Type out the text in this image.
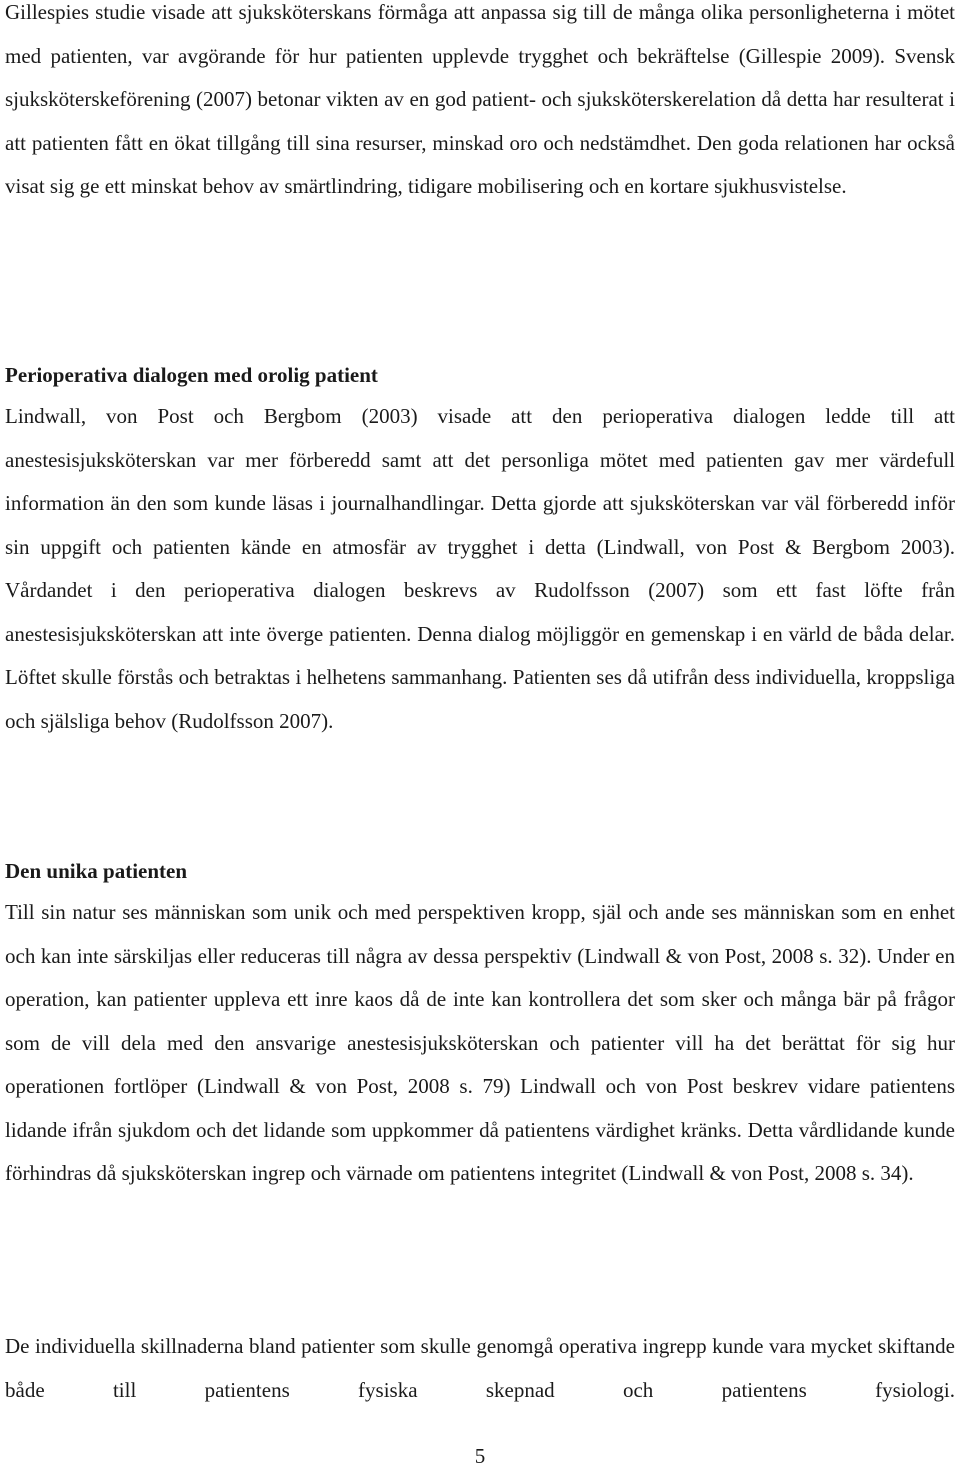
Gillespies studie visade att sjuksköterskans förmåga att anpassa sig till de många olika personligheterna i mötet med patienten, var avgörande för hur patienten upplevde trygghet och bekräftelse (Gillespie 2009). Svensk sjuksköterskeförening (2007) betonar vikten av en god patient- och sjuksköterskerelation då detta har resulterat i att patienten fått en ökat tillgång till sina resurser, minskad oro och nedstämdhet. Den goda relationen har också visat sig ge ett minskat behov av smärtlindring, tidigare mobilisering och en kortare sjukhusvistelse.

Perioperativa dialogen med orolig patient

Lindwall, von Post och Bergbom (2003) visade att den perioperativa dialogen ledde till att anestesisjuksköterskan var mer förberedd samt att det personliga mötet med patienten gav mer värdefull information än den som kunde läsas i journalhandlingar. Detta gjorde att sjuksköterskan var väl förberedd inför sin uppgift och patienten kände en atmosfär av trygghet i detta (Lindwall, von Post & Bergbom 2003). Vårdandet i den perioperativa dialogen beskrevs av Rudolfsson (2007) som ett fast löfte från anestesisjuksköterskan att inte överge patienten. Denna dialog möjliggör en gemenskap i en värld de båda delar. Löftet skulle förstås och betraktas i helhetens sammanhang. Patienten ses då utifrån dess individuella, kroppsliga och själsliga behov (Rudolfsson 2007).

Den unika patienten

Till sin natur ses människan som unik och med perspektiven kropp, själ och ande ses människan som en enhet och kan inte särskiljas eller reduceras till några av dessa perspektiv (Lindwall & von Post, 2008 s. 32). Under en operation, kan patienter uppleva ett inre kaos då de inte kan kontrollera det som sker och många bär på frågor som de vill dela med den ansvarige anestesisjuksköterskan och patienter vill ha det berättat för sig hur operationen fortlöper (Lindwall & von Post, 2008 s. 79) Lindwall och von Post beskrev vidare patientens lidande ifrån sjukdom och det lidande som uppkommer då patientens värdighet kränks. Detta vårdlidande kunde förhindras då sjuksköterskan ingrep och värnade om patientens integritet (Lindwall & von Post, 2008 s. 34).

De individuella skillnaderna bland patienter som skulle genomgå operativa ingrepp kunde vara mycket skiftande både till patientens fysiska skepnad och patientens fysiologi.

5
